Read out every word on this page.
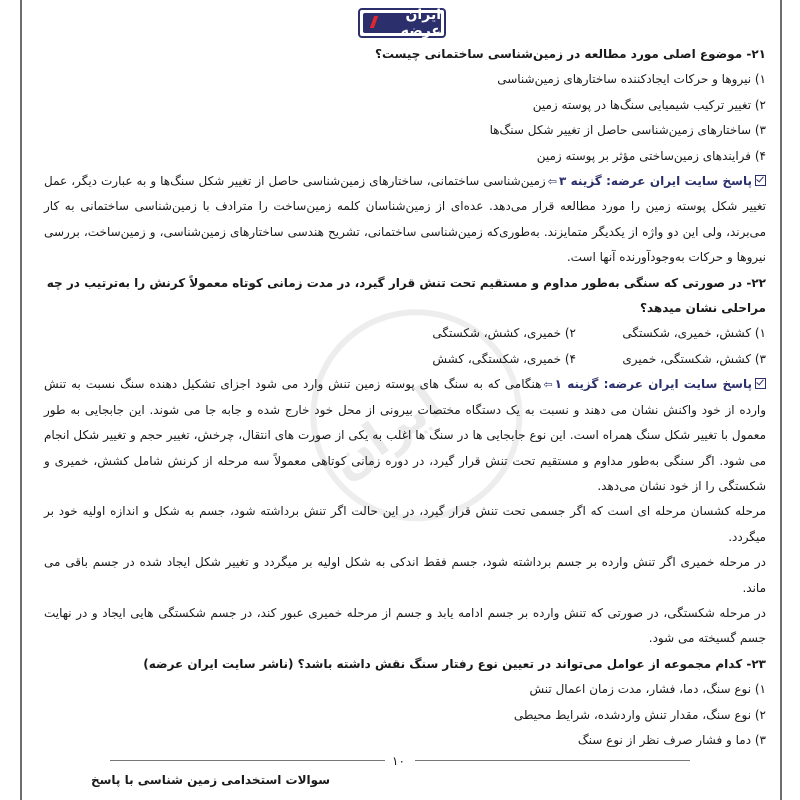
ایران عرضه
ایران

۲۱- موضوع اصلی مورد مطالعه در زمین‌شناسی ساختمانی چیست؟

۱) نیروها و حرکات ایجادکننده ساختارهای زمین‌شناسی

۲) تغییر ترکیب شیمیایی سنگ‌ها در پوسته زمین

۳) ساختارهای زمین‌شناسی حاصل از تغییر شکل سنگ‌ها

۴) فرایندهای زمین‌ساختی مؤثر بر پوسته زمین

پاسخ سایت ایران عرضه: گزینه ۳⇦زمین‌شناسی ساختمانی، ساختارهای زمین‌شناسی حاصل از تغییر شکل سنگ‌ها و به عبارت دیگر، عمل تغییر شکل پوسته زمین را مورد مطالعه قرار می‌دهد. عده‌ای از زمین‌شناسان کلمه زمین‌ساخت را مترادف با زمین‌شناسی ساختمانی به کار می‌برند، ولی این دو واژه از یکدیگر متمایزند. به‌طوری‌که زمین‌شناسی ساختمانی، تشریح هندسی ساختارهای زمین‌شناسی، و زمین‌ساخت، بررسی نیروها و حرکات به‌وجودآورنده آنها است.

۲۲- در صورتی که سنگی به‌طور مداوم و مستقیم تحت تنش قرار گیرد، در مدت زمانی کوتاه معمولاً کرنش را به‌ترتیب در چه مراحلی نشان میدهد؟

۱) کشش، خمیری، شکستگی
۲) خمیری، کشش، شکستگی
۳) کشش، شکستگی، خمیری
۴) خمیری، شکستگی، کشش

پاسخ سایت ایران عرضه: گزینه ۱⇦هنگامی که به سنگ های پوسته زمین تنش وارد می شود اجزای تشکیل دهنده سنگ نسبت به تنش وارده از خود واکنش نشان می دهند و نسبت به یک دستگاه مختصات بیرونی از محل خود خارج شده و جابه جا می شوند. این جابجایی به طور معمول با تغییر شکل سنگ همراه است. این نوع جابجایی ها در سنگ ها اغلب به یکی از صورت های انتقال، چرخش، تغییر حجم و تغییر شکل انجام می شود. اگر سنگی به‌طور مداوم و مستقیم تحت تنش قرار گیرد، در دوره زمانی کوتاهی معمولاً سه مرحله از کرنش شامل کشش، خمیری و شکستگی را از خود نشان می‌دهد.

مرحله کشسان مرحله ای است که اگر جسمی تحت تنش قرار گیرد، در این حالت اگر تنش برداشته شود، جسم به شکل و اندازه اولیه خود بر میگردد.

در مرحله خمیری اگر تنش وارده بر جسم برداشته شود، جسم فقط اندکی به شکل اولیه بر میگردد و تغییر شکل ایجاد شده در جسم باقی می ماند.

در مرحله شکستگی، در صورتی که تنش وارده بر جسم ادامه یابد و جسم از مرحله خمیری عبور کند، در جسم شکستگی هایی ایجاد و در نهایت جسم گسیخته می شود.

۲۳- کدام مجموعه از عوامل می‌تواند در تعیین نوع رفتار سنگ نقش داشته باشد؟ (ناشر سایت ایران عرضه)

۱) نوع سنگ، دما، فشار، مدت زمان اعمال تنش

۲) نوع سنگ، مقدار تنش واردشده، شرایط محیطی

۳) دما و فشار صرف نظر از نوع سنگ

۱۰
سوالات استخدامی زمین شناسی با پاسخ
